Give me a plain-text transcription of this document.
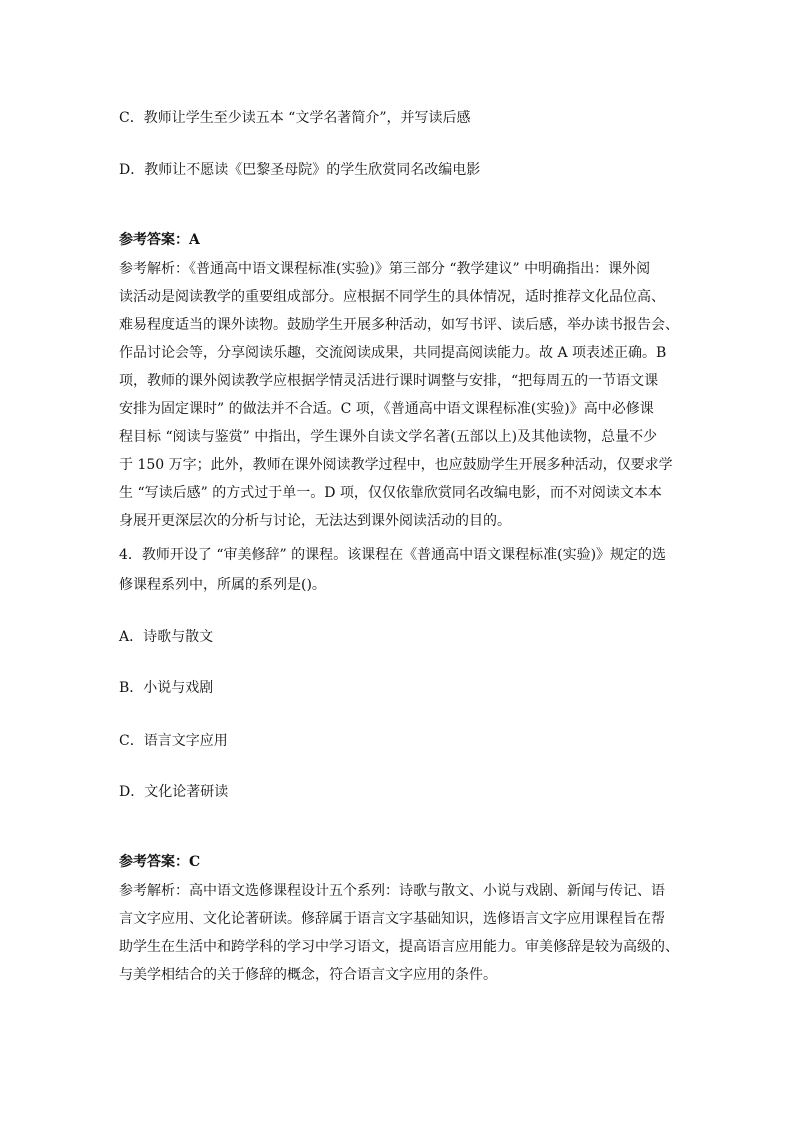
C．教师让学生至少读五本 “文学名著简介”，并写读后感
D．教师让不愿读《巴黎圣母院》的学生欣赏同名改编电影
参考答案：A
参考解析：《普通高中语文课程标准(实验)》第三部分 “教学建议” 中明确指出：课外阅
读活动是阅读教学的重要组成部分。应根据不同学生的具体情况，适时推荐文化品位高、
难易程度适当的课外读物。鼓励学生开展多种活动，如写书评、读后感，举办读书报告会、
作品讨论会等，分享阅读乐趣，交流阅读成果，共同提高阅读能力。故 A 项表述正确。B
项，教师的课外阅读教学应根据学情灵活进行课时调整与安排，“把每周五的一节语文课
安排为固定课时” 的做法并不合适。C 项，《普通高中语文课程标准(实验)》高中必修课
程目标 “阅读与鉴赏” 中指出，学生课外自读文学名著(五部以上)及其他读物，总量不少
于 150 万字；此外，教师在课外阅读教学过程中，也应鼓励学生开展多种活动，仅要求学
生 “写读后感” 的方式过于单一。D 项，仅仅依靠欣赏同名改编电影，而不对阅读文本本
身展开更深层次的分析与讨论，无法达到课外阅读活动的目的。
4．教师开设了 “审美修辞” 的课程。该课程在《普通高中语文课程标准(实验)》规定的选
修课程系列中，所属的系列是()。
A．诗歌与散文
B．小说与戏剧
C．语言文字应用
D．文化论著研读
参考答案：C
参考解析：高中语文选修课程设计五个系列：诗歌与散文、小说与戏剧、新闻与传记、语
言文字应用、文化论著研读。修辞属于语言文字基础知识，选修语言文字应用课程旨在帮
助学生在生活中和跨学科的学习中学习语文，提高语言应用能力。审美修辞是较为高级的、
与美学相结合的关于修辞的概念，符合语言文字应用的条件。
